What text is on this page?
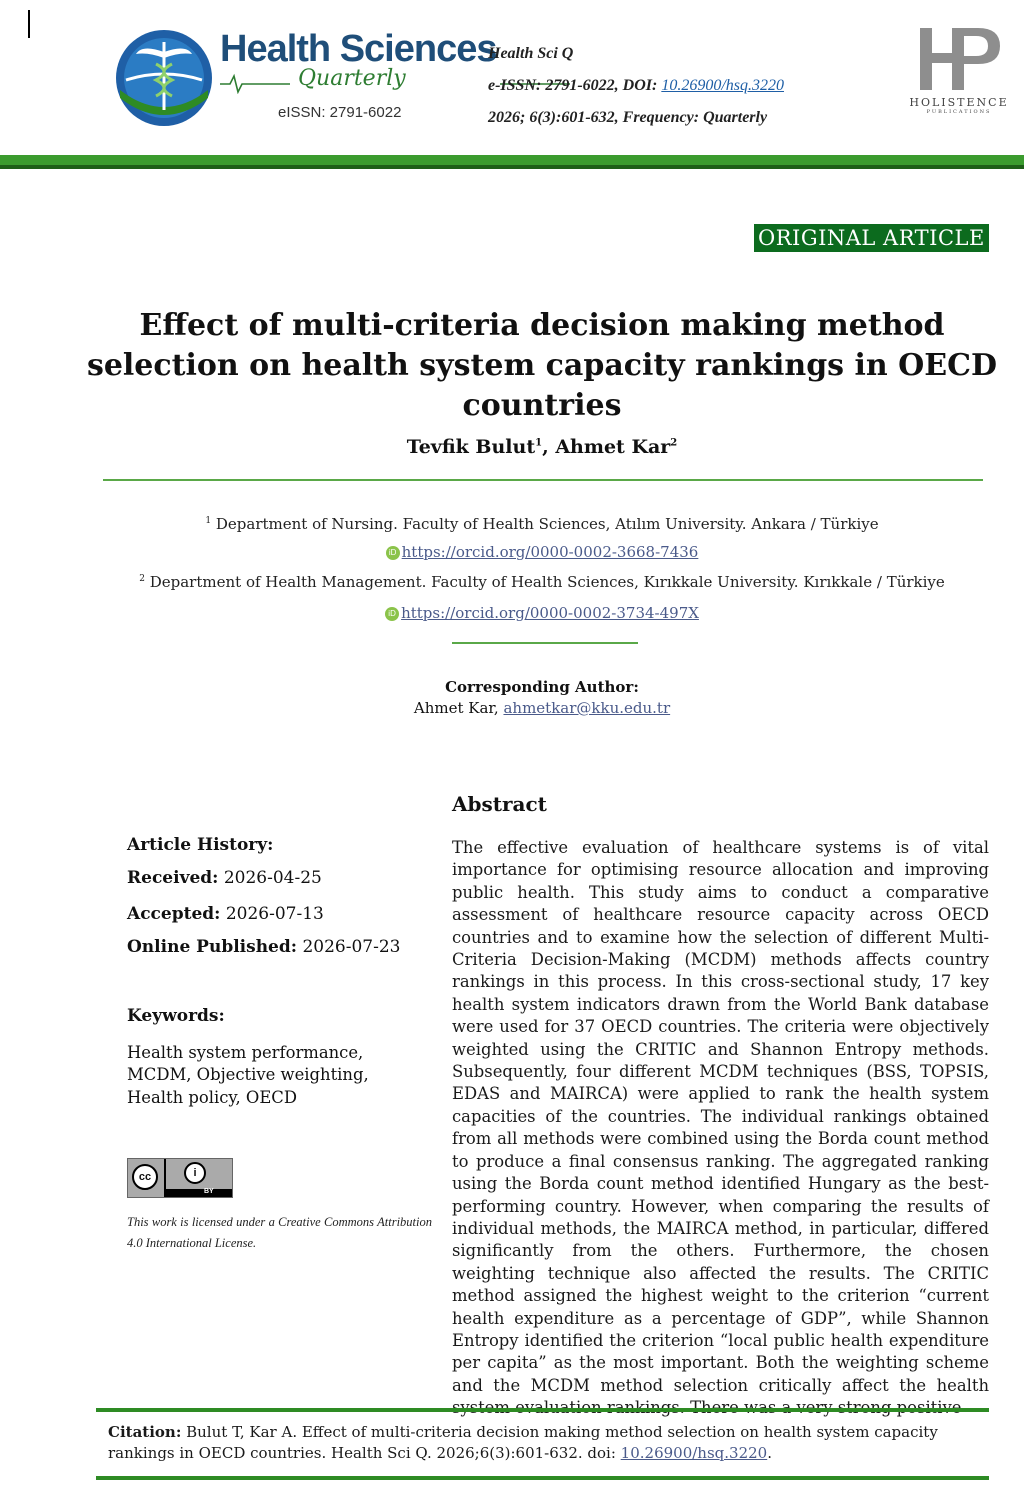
Health Sciences
Quarterly
eISSN: 2791-6022
Health Sci Q
e-ISSN: 2791-6022, DOI: 10.26900/hsq.3220
2026; 6(3):601-632, Frequency: Quarterly
HOLISTENCE
PUBLICATIONS
ORIGINAL ARTICLE
Effect of multi-criteria decision making method selection on health system capacity rankings in OECD countries
Tevfik Bulut$^1$, Ahmet Kar$^2$
$^1$ Department of Nursing. Faculty of Health Sciences, Atılım University. Ankara / Türkiye
iD https://orcid.org/0000-0002-3668-7436
$^2$ Department of Health Management. Faculty of Health Sciences, Kırıkkale University. Kırıkkale / Türkiye
iD https://orcid.org/0000-0002-3734-497X
Corresponding Author:
Ahmet Kar, ahmetkar@kku.edu.tr
Article History:
Received: 2026-04-25
Accepted: 2026-07-13
Online Published: 2026-07-23
Keywords:
Health system performance, MCDM, Objective weighting, Health policy, OECD
cc	i
BY
This work is licensed under a Creative Commons Attribution 4.0 International License.
Abstract

The effective evaluation of healthcare systems is of vital importance for optimising resource allocation and improving public health. This study aims to conduct a comparative assessment of healthcare resource capacity across OECD countries and to examine how the selection of different Multi-Criteria Decision-Making (MCDM) methods affects country rankings in this process. In this cross-sectional study, 17 key health system indicators drawn from the World Bank database were used for 37 OECD countries. The criteria were objectively weighted using the CRITIC and Shannon Entropy methods. Subsequently, four different MCDM techniques (BSS, TOPSIS, EDAS and MAIRCA) were applied to rank the health system capacities of the countries. The individual rankings obtained from all methods were combined using the Borda count method to produce a final consensus ranking. The aggregated ranking using the Borda count method identified Hungary as the best-performing country. However, when comparing the results of individual methods, the MAIRCA method, in particular, differed significantly from the others. Furthermore, the chosen weighting technique also affected the results. The CRITIC method assigned the highest weight to the criterion “current health expenditure as a percentage of GDP”, while Shannon Entropy identified the criterion “local public health expenditure per capita” as the most important. Both the weighting scheme and the MCDM method selection critically affect the health

Citation: Bulut T, Kar A. Effect of multi-criteria decision making method selection on health system capacity rankings in OECD countries. Health Sci Q. 2026;6(3):601-632. doi: 10.26900/hsq.3220.
